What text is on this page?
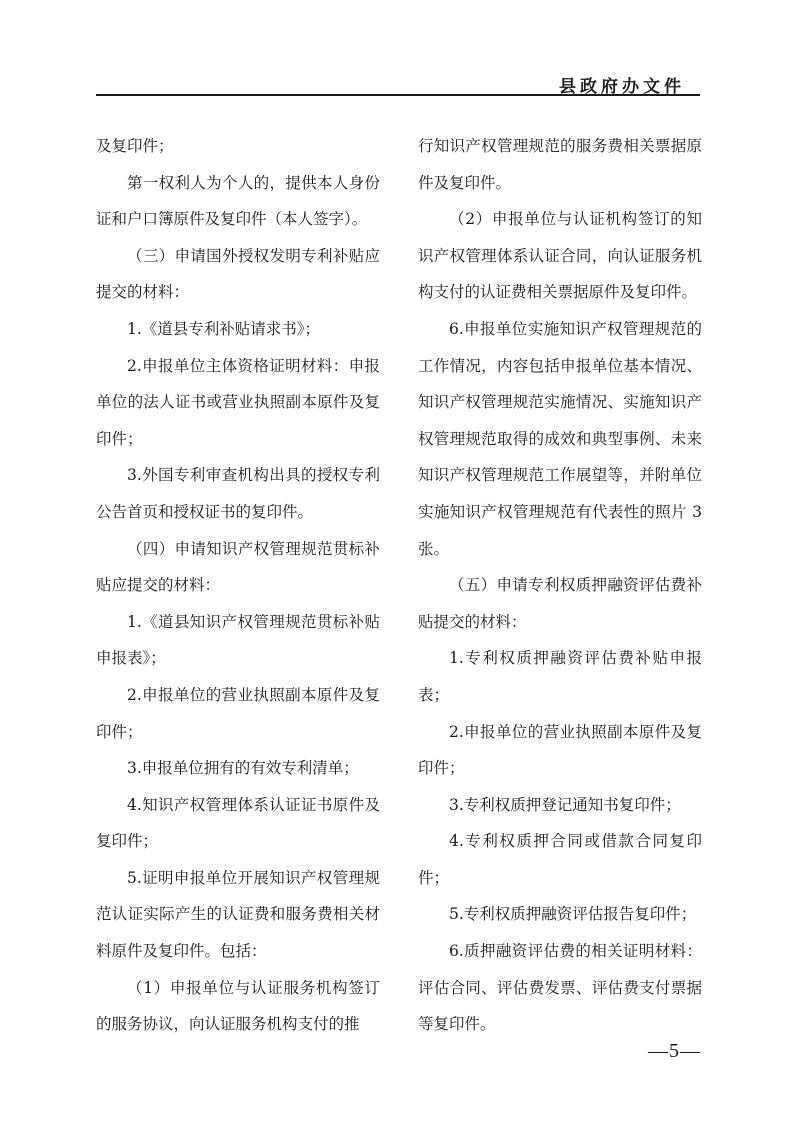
县政府办文件

及复印件；

第一权利人为个人的，提供本人身份证和户口簿原件及复印件（本人签字）。

（三）申请国外授权发明专利补贴应提交的材料：

1.《道县专利补贴请求书》；

2.申报单位主体资格证明材料：申报单位的法人证书或营业执照副本原件及复印件；

3.外国专利审查机构出具的授权专利公告首页和授权证书的复印件。

（四）申请知识产权管理规范贯标补贴应提交的材料：

1.《道县知识产权管理规范贯标补贴申报表》；

2.申报单位的营业执照副本原件及复印件；

3.申报单位拥有的有效专利清单；

4.知识产权管理体系认证证书原件及复印件；

5.证明申报单位开展知识产权管理规范认证实际产生的认证费和服务费相关材料原件及复印件。包括：

（1）申报单位与认证服务机构签订的服务协议，向认证服务机构支付的推

行知识产权管理规范的服务费相关票据原件及复印件。

（2）申报单位与认证机构签订的知识产权管理体系认证合同，向认证服务机构支付的认证费相关票据原件及复印件。

6.申报单位实施知识产权管理规范的工作情况，内容包括申报单位基本情况、知识产权管理规范实施情况、实施知识产权管理规范取得的成效和典型事例、未来知识产权管理规范工作展望等，并附单位实施知识产权管理规范有代表性的照片 3 张。

（五）申请专利权质押融资评估费补贴提交的材料：

1.专利权质押融资评估费补贴申报表；

2.申报单位的营业执照副本原件及复印件；

3.专利权质押登记通知书复印件；

4.专利权质押合同或借款合同复印件；

5.专利权质押融资评估报告复印件；

6.质押融资评估费的相关证明材料：评估合同、评估费发票、评估费支付票据等复印件。

—5—
